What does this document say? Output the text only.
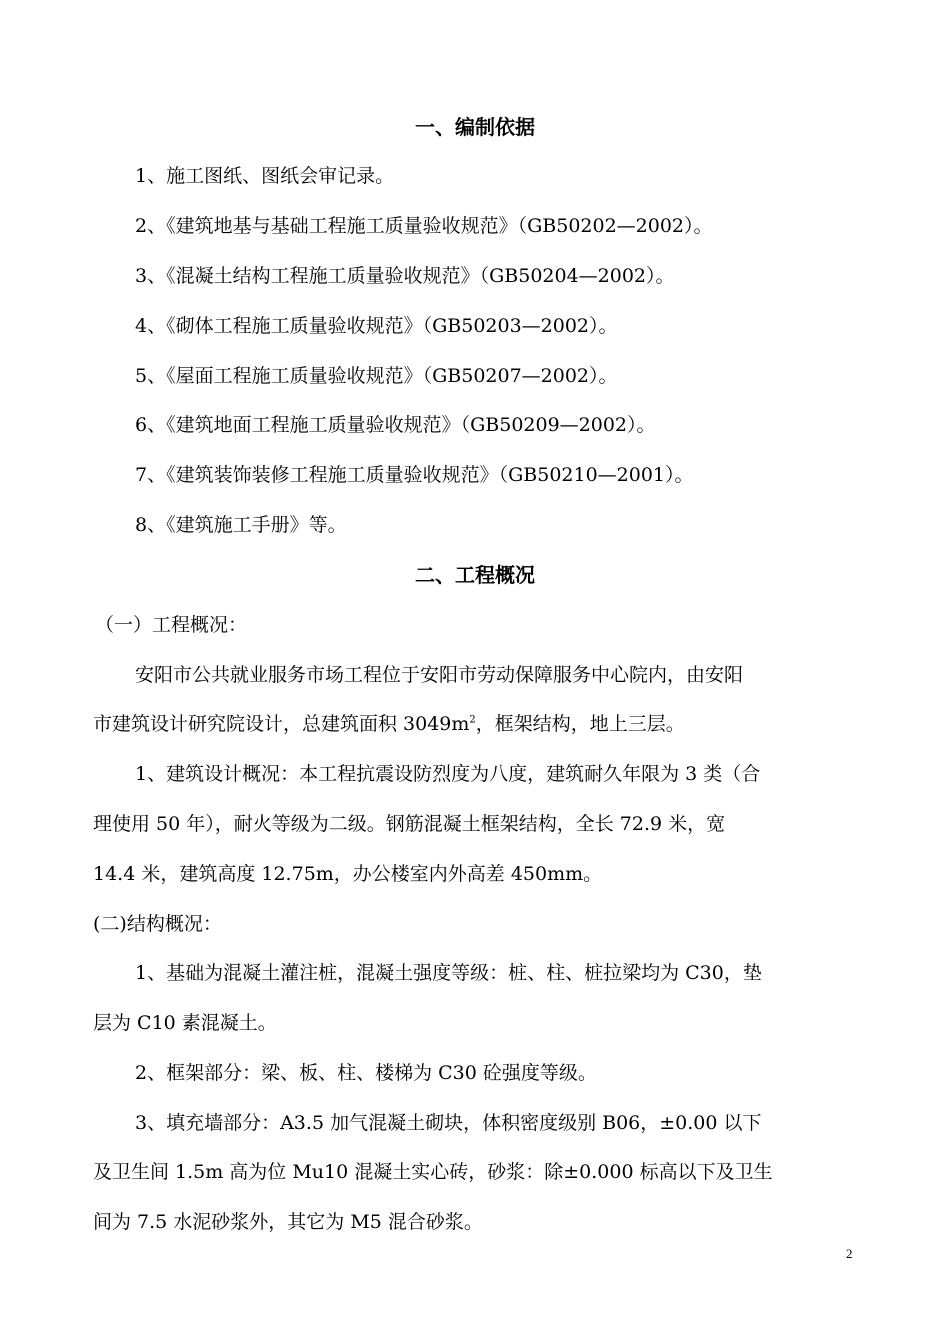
一、编制依据
1、施工图纸、图纸会审记录。
2、《建筑地基与基础工程施工质量验收规范》（GB50202—2002）。
3、《混凝土结构工程施工质量验收规范》（GB50204—2002）。
4、《砌体工程施工质量验收规范》（GB50203—2002）。
5、《屋面工程施工质量验收规范》（GB50207—2002）。
6、《建筑地面工程施工质量验收规范》（GB50209—2002）。
7、《建筑装饰装修工程施工质量验收规范》（GB50210—2001）。
8、《建筑施工手册》等。
二、工程概况
（一）工程概况：
安阳市公共就业服务市场工程位于安阳市劳动保障服务中心院内，由安阳
市建筑设计研究院设计，总建筑面积 $3049m^2$，框架结构，地上三层。
1、建筑设计概况：本工程抗震设防烈度为八度，建筑耐久年限为 3 类（合
理使用 50 年），耐火等级为二级。钢筋混凝土框架结构，全长 72.9 米，宽
14.4 米，建筑高度 12.75m，办公楼室内外高差 450mm。
(二)结构概况：
1、基础为混凝土灌注桩，混凝土强度等级：桩、柱、桩拉梁均为 C30，垫
层为 C10 素混凝土。
2、框架部分：梁、板、柱、楼梯为 C30 砼强度等级。
3、填充墙部分：A3.5 加气混凝土砌块，体积密度级别 B06，±0.00 以下
及卫生间 1.5m 高为位 Mu10 混凝土实心砖，砂浆：除±0.000 标高以下及卫生
间为 7.5 水泥砂浆外，其它为 M5 混合砂浆。
2
